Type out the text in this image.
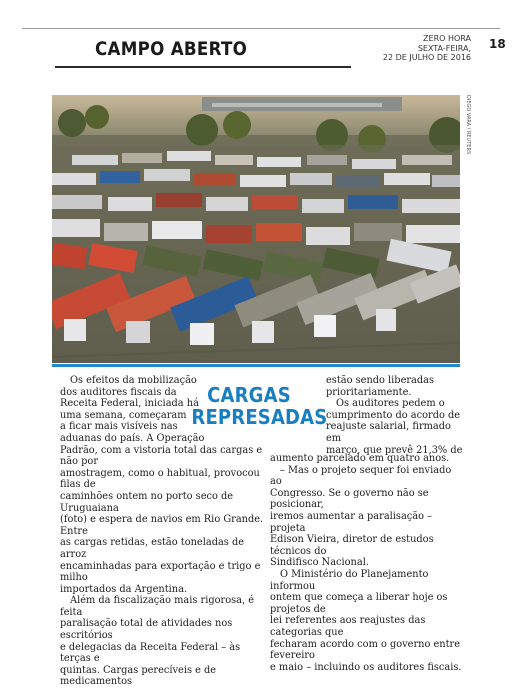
CAMPO ABERTO	ZERO HORA
SEXTA-FEIRA,
22 DE JULHO DE 2016
18
DIEGO VARA / REUTERS
CARGAS
REPRESADAS

Os efeitos da mobilização

dos auditores fiscais da

Receita Federal, iniciada há

uma semana, começaram

a ficar mais visíveis nas

aduanas do país. A Operação

Padrão, com a vistoria total das cargas e não por

amostragem, como o habitual, provocou filas de

caminhões ontem no porto seco de Uruguaiana

(foto) e espera de navios em Rio Grande. Entre

as cargas retidas, estão toneladas de arroz

encaminhadas para exportação e trigo e milho

importados da Argentina.

Além da fiscalização mais rigorosa, é feita

paralisação total de atividades nos escritórios

e delegacias da Receita Federal – às terças e

quintas. Cargas perecíveis e de medicamentos

estão sendo liberadas

prioritariamente.

Os auditores pedem o

cumprimento do acordo de

reajuste salarial, firmado em

março, que prevê 21,3% de

aumento parcelado em quatro anos.

– Mas o projeto sequer foi enviado ao

Congresso. Se o governo não se posicionar,

iremos aumentar a paralisação – projeta

Edison Vieira, diretor de estudos técnicos do

Sindifisco Nacional.

O Ministério do Planejamento informou

ontem que começa a liberar hoje os projetos de

lei referentes aos reajustes das categorias que

fecharam acordo com o governo entre fevereiro

e maio – incluindo os auditores fiscais.
